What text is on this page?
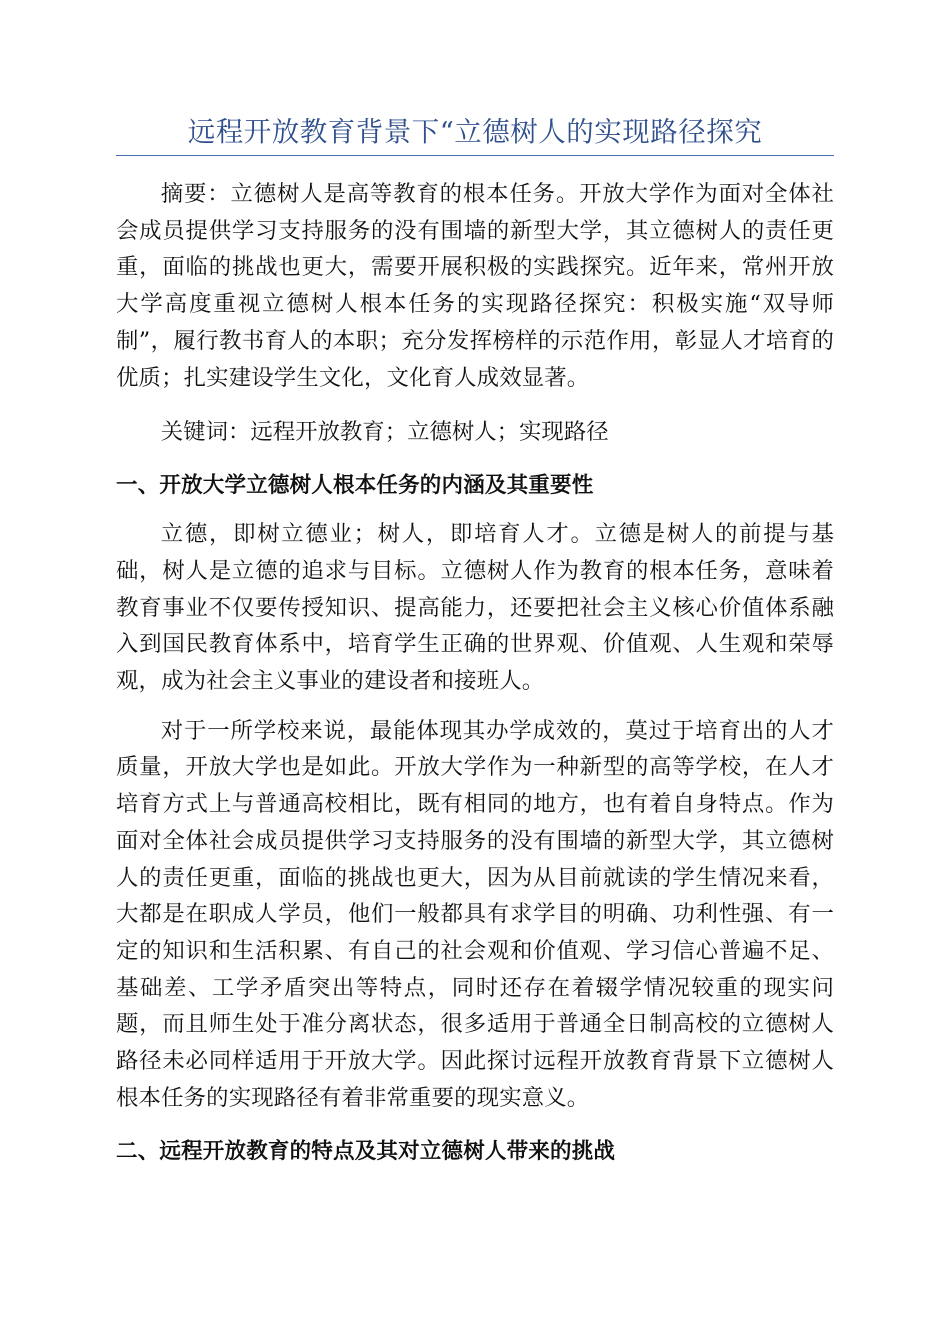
远程开放教育背景下“立德树人的实现路径探究

摘要：立德树人是高等教育的根本任务。开放大学作为面对全体社会成员提供学习支持服务的没有围墙的新型大学，其立德树人的责任更重，面临的挑战也更大，需要开展积极的实践探究。近年来，常州开放大学高度重视立德树人根本任务的实现路径探究：积极实施“双导师制”，履行教书育人的本职；充分发挥榜样的示范作用，彰显人才培育的优质；扎实建设学生文化，文化育人成效显著。

关键词：远程开放教育；立德树人；实现路径

一、开放大学立德树人根本任务的内涵及其重要性

立德，即树立德业；树人，即培育人才。立德是树人的前提与基础，树人是立德的追求与目标。立德树人作为教育的根本任务，意味着教育事业不仅要传授知识、提高能力，还要把社会主义核心价值体系融入到国民教育体系中，培育学生正确的世界观、价值观、人生观和荣辱观，成为社会主义事业的建设者和接班人。

对于一所学校来说，最能体现其办学成效的，莫过于培育出的人才质量，开放大学也是如此。开放大学作为一种新型的高等学校，在人才培育方式上与普通高校相比，既有相同的地方，也有着自身特点。作为面对全体社会成员提供学习支持服务的没有围墙的新型大学，其立德树人的责任更重，面临的挑战也更大，因为从目前就读的学生情况来看，大都是在职成人学员，他们一般都具有求学目的明确、功利性强、有一定的知识和生活积累、有自己的社会观和价值观、学习信心普遍不足、基础差、工学矛盾突出等特点，同时还存在着辍学情况较重的现实问题，而且师生处于准分离状态，很多适用于普通全日制高校的立德树人路径未必同样适用于开放大学。因此探讨远程开放教育背景下立德树人根本任务的实现路径有着非常重要的现实意义。

二、远程开放教育的特点及其对立德树人带来的挑战
